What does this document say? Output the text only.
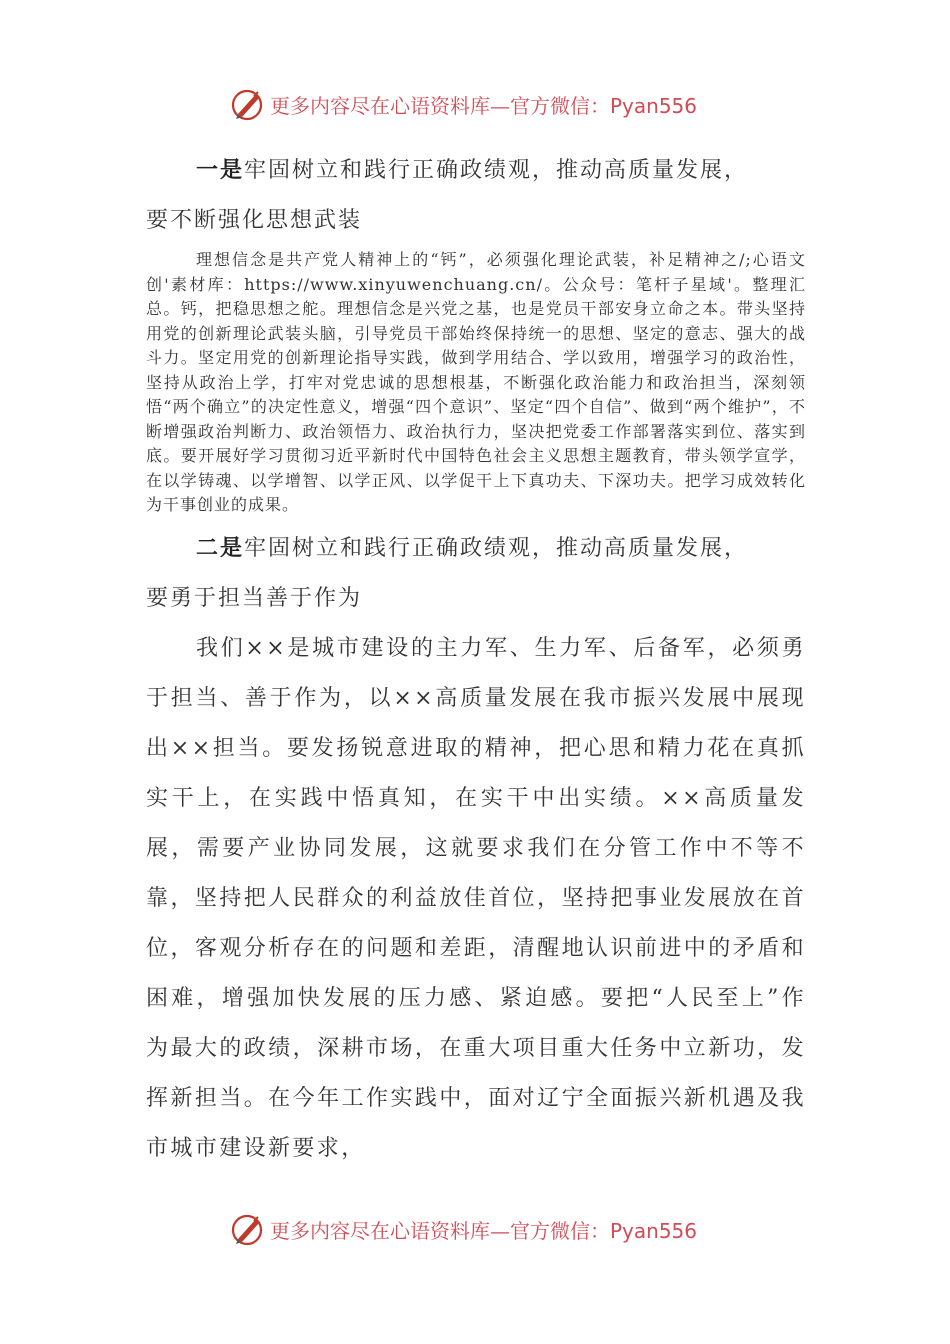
更多内容尽在心语资料库—官方微信：Pyan556
一是牢固树立和践行正确政绩观，推动高质量发展，
要不断强化思想武装

理想信念是共产党人精神上的“钙”，必须强化理论武装，补足精神之/;心语文创'素材库：https://www.xinyuwenchuang.cn/。公众号：笔杆子星域'。整理汇总。钙，把稳思想之舵。理想信念是兴党之基，也是党员干部安身立命之本。带头坚持用党的创新理论武装头脑，引导党员干部始终保持统一的思想、坚定的意志、强大的战斗力。坚定用党的创新理论指导实践，做到学用结合、学以致用，增强学习的政治性，坚持从政治上学，打牢对党忠诚的思想根基，不断强化政治能力和政治担当，深刻领悟“两个确立”的决定性意义，增强“四个意识”、坚定“四个自信”、做到“两个维护”，不断增强政治判断力、政治领悟力、政治执行力，坚决把党委工作部署落实到位、落实到底。要开展好学习贯彻习近平新时代中国特色社会主义思想主题教育，带头领学宣学，在以学铸魂、以学增智、以学正风、以学促干上下真功夫、下深功夫。把学习成效转化为干事创业的成果。

二是牢固树立和践行正确政绩观，推动高质量发展，
要勇于担当善于作为

我们××是城市建设的主力军、生力军、后备军，必须勇于担当、善于作为，以××高质量发展在我市振兴发展中展现出××担当。要发扬锐意进取的精神，把心思和精力花在真抓实干上，在实践中悟真知，在实干中出实绩。××高质量发展，需要产业协同发展，这就要求我们在分管工作中不等不靠，坚持把人民群众的利益放佳首位，坚持把事业发展放在首位，客观分析存在的问题和差距，清醒地认识前进中的矛盾和困难，增强加快发展的压力感、紧迫感。要把“人民至上”作为最大的政绩，深耕市场，在重大项目重大任务中立新功，发挥新担当。在今年工作实践中，面对辽宁全面振兴新机遇及我市城市建设新要求，

更多内容尽在心语资料库—官方微信：Pyan556
